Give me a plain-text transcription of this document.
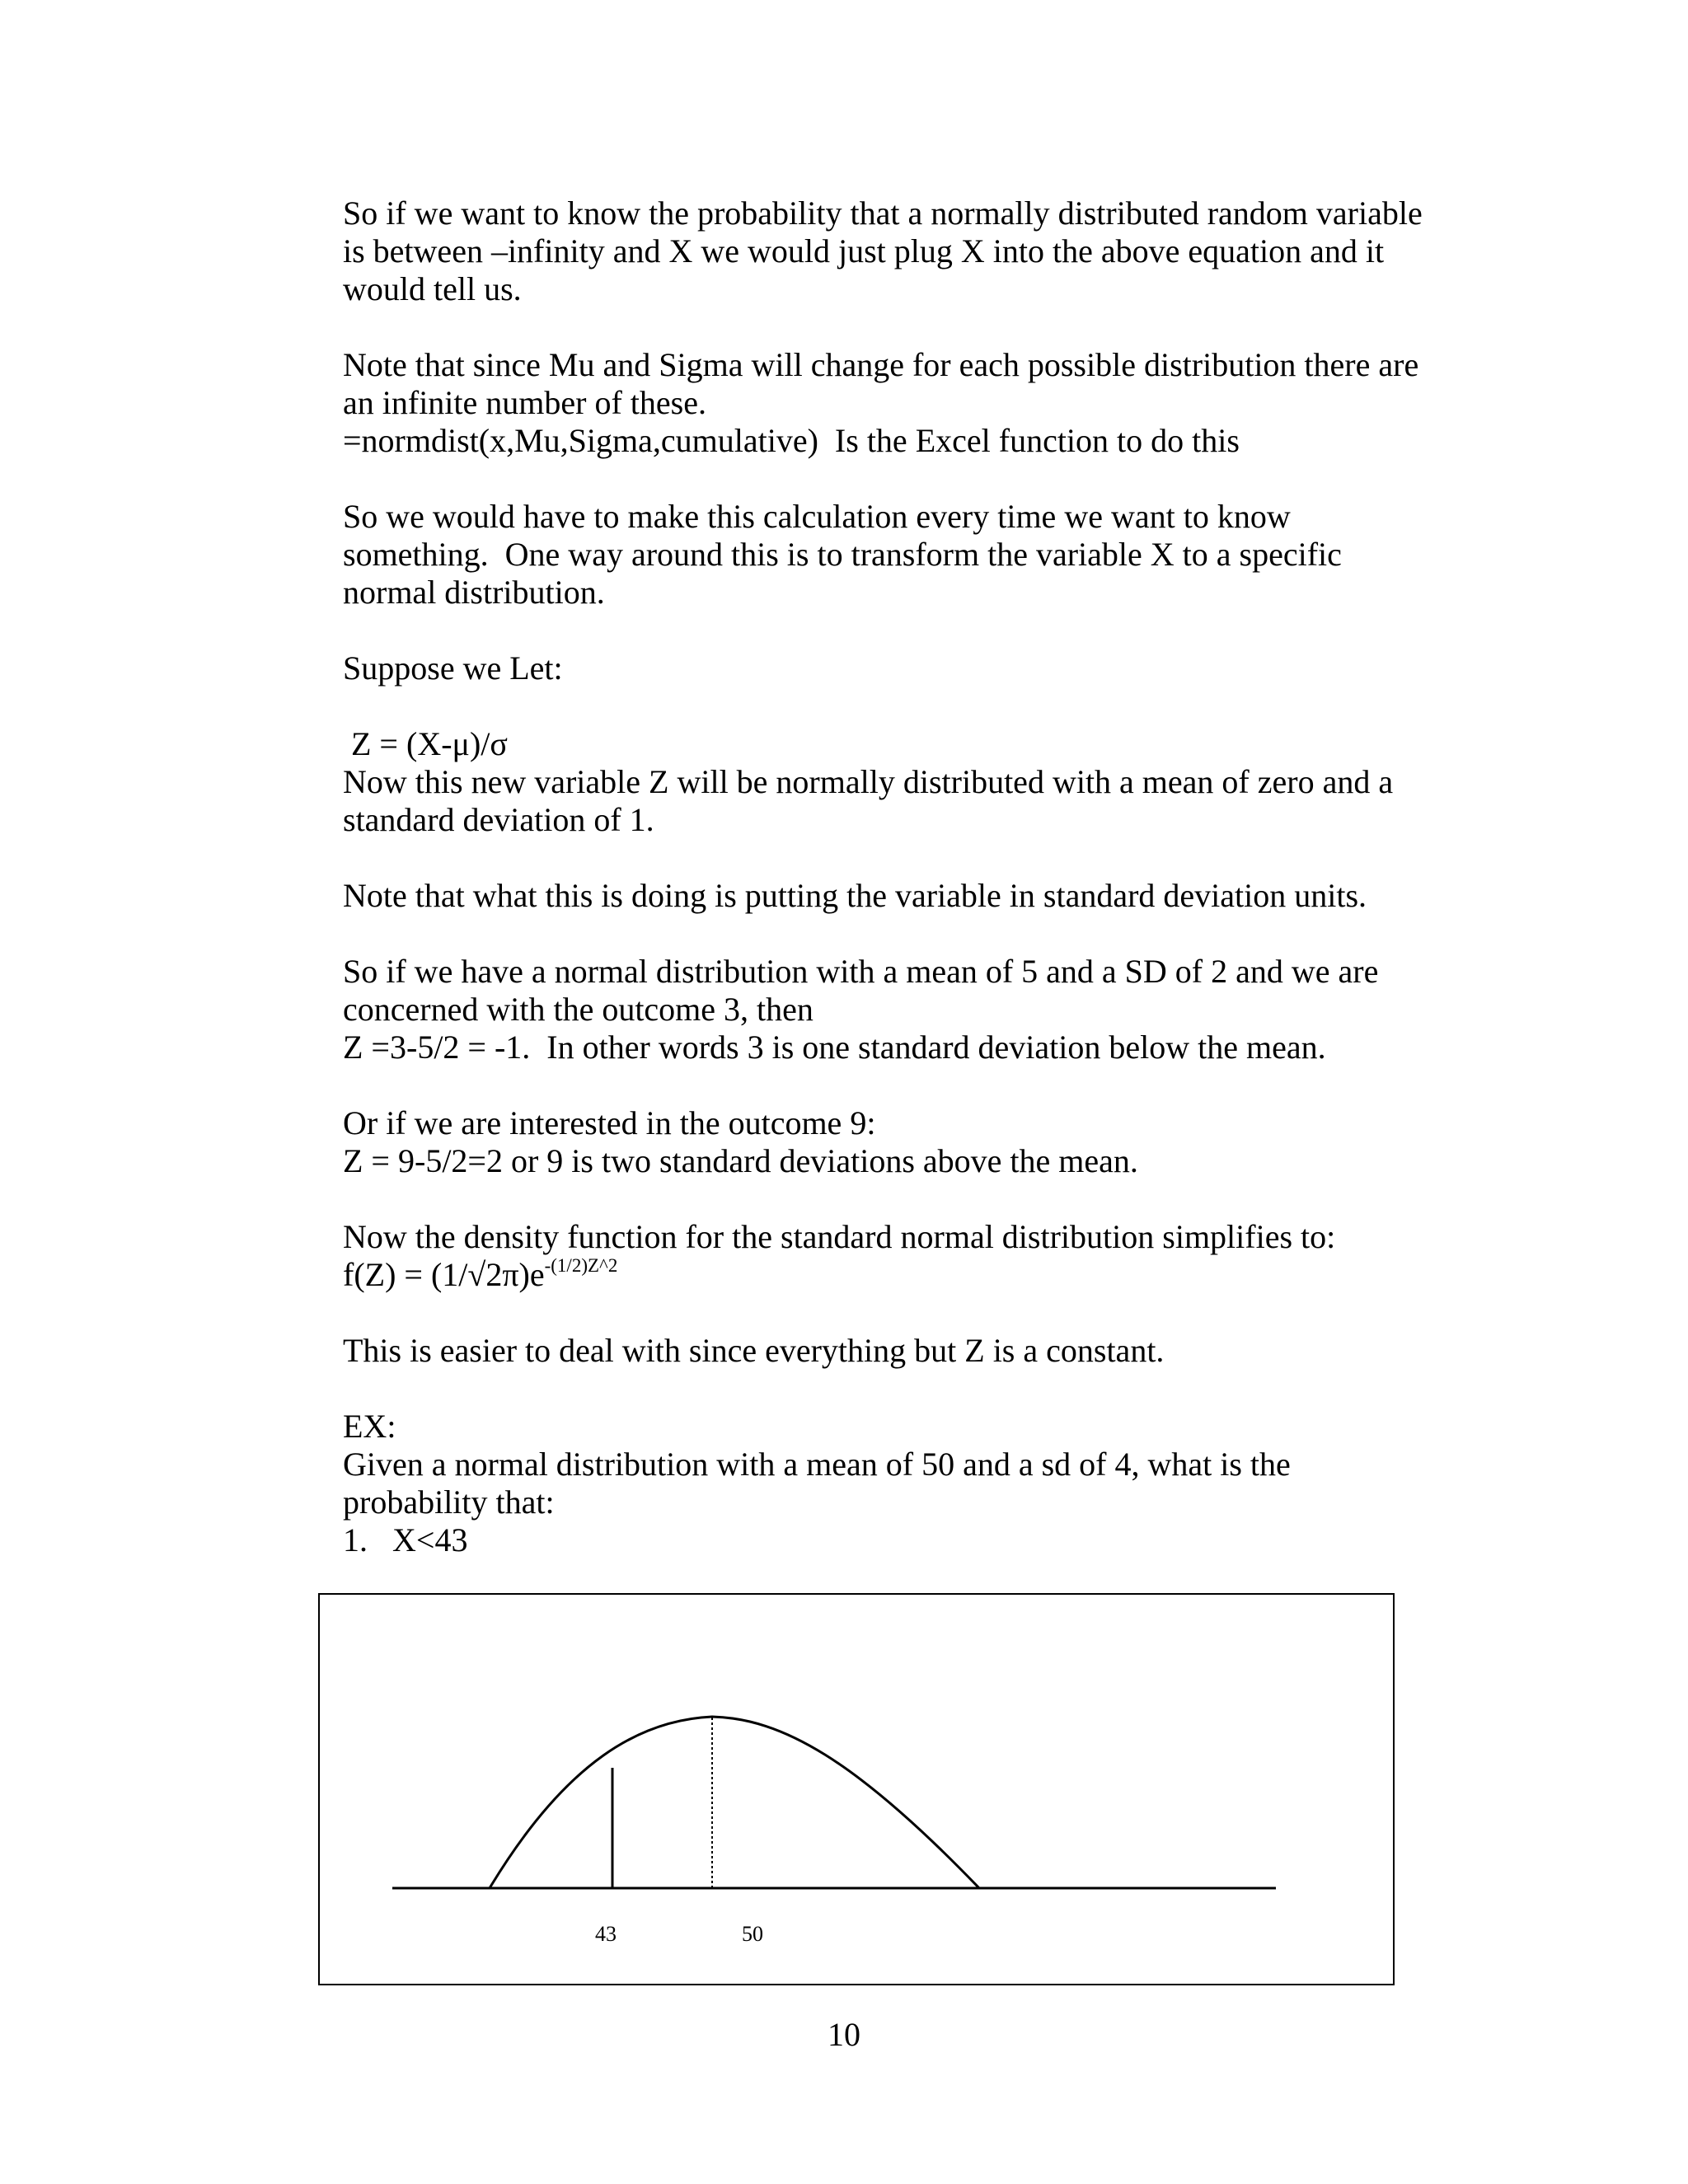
So if we want to know the probability that a normally distributed random variable
is between –infinity and X we would just plug X into the above equation and it
would tell us.
Note that since Mu and Sigma will change for each possible distribution there are
an infinite number of these.
=normdist(x,Mu,Sigma,cumulative)  Is the Excel function to do this
So we would have to make this calculation every time we want to know
something.  One way around this is to transform the variable X to a specific
normal distribution.
Suppose we Let:
Z = (X-μ)/σ
Now this new variable Z will be normally distributed with a mean of zero and a
standard deviation of 1.
Note that what this is doing is putting the variable in standard deviation units.
So if we have a normal distribution with a mean of 5 and a SD of 2 and we are
concerned with the outcome 3, then
Z =3-5/2 = -1.  In other words 3 is one standard deviation below the mean.
Or if we are interested in the outcome 9:
Z = 9-5/2=2 or 9 is two standard deviations above the mean.
Now the density function for the standard normal distribution simplifies to:
$f(Z) = (1/√2\pi)e^{-(1/2)Z\^{}2}$
This is easier to deal with since everything but Z is a constant.
EX:
Given a normal distribution with a mean of 50 and a sd of 4, what is the
probability that:
1.   X<43
43	50
10
